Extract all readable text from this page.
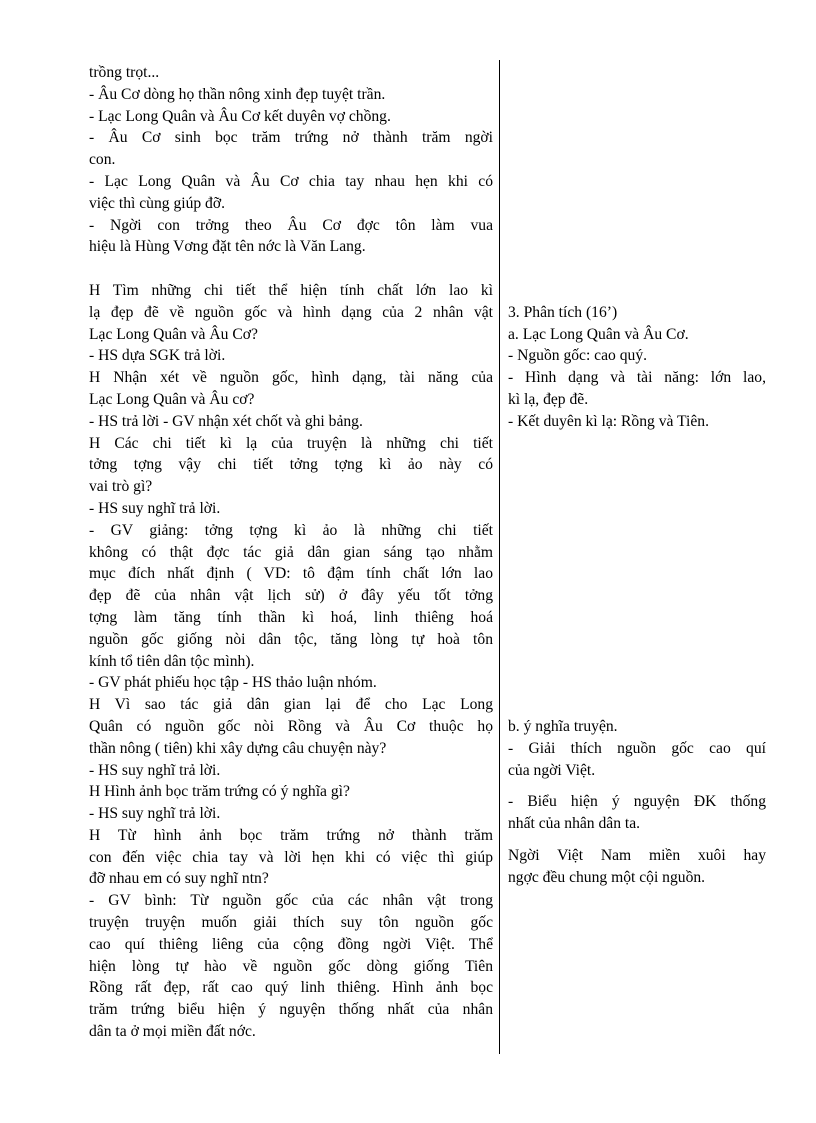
trồng trọt...
- Âu Cơ dòng họ thần nông xinh đẹp tuyệt trần.
- Lạc Long Quân và Âu Cơ kết duyên vợ chồng.
- Âu Cơ sinh bọc trăm trứng nở thành trăm ngời
con.
- Lạc Long Quân và Âu Cơ chia tay nhau hẹn khi có
việc thì cùng giúp đỡ.
- Ngời con trởng theo Âu Cơ đợc tôn làm vua
hiệu là Hùng Vơng đặt tên nớc là Văn Lang.
H Tìm những chi tiết thể hiện tính chất lớn lao kì
lạ đẹp đẽ về nguồn gốc và hình dạng của 2 nhân vật
Lạc Long Quân và Âu Cơ?
- HS dựa SGK trả lời.
H Nhận xét về nguồn gốc, hình dạng, tài năng của
Lạc Long Quân và Âu cơ?
- HS trả lời - GV nhận xét chốt và ghi bảng.
H Các chi tiết kì lạ của truyện là những chi tiết
tởng tợng vậy chi tiết tởng tợng kì ảo này có
vai trò gì?
- HS suy nghĩ trả lời.
- GV giảng: tởng tợng kì ảo là những chi tiết
không có thật đợc tác giả dân gian sáng tạo nhằm
mục đích nhất định ( VD: tô đậm tính chất lớn lao
đẹp đẽ của nhân vật lịch sử) ở đây yếu tốt tởng
tợng làm tăng tính thần kì hoá, linh thiêng hoá
nguồn gốc giống nòi dân tộc, tăng lòng tự hoà tôn
kính tổ tiên dân tộc mình).
- GV phát phiếu học tập - HS thảo luận nhóm.
H Vì sao tác giả dân gian lại để cho Lạc Long
Quân có nguồn gốc nòi Rồng và Âu Cơ thuộc họ
thần nông ( tiên) khi xây dựng câu chuyện này?
- HS suy nghĩ trả lời.
H Hình ảnh bọc trăm trứng có ý nghĩa gì?
- HS suy nghĩ trả lời.
H Từ hình ảnh bọc trăm trứng nở thành trăm
con đến việc chia tay và lời hẹn khi có việc thì giúp
đỡ nhau em có suy nghĩ ntn?
- GV bình: Từ nguồn gốc của các nhân vật trong
truyện truyện muốn giải thích suy tôn nguồn gốc
cao quí thiêng liêng của cộng đồng ngời Việt. Thể
hiện lòng tự hào về nguồn gốc dòng giống Tiên
Rồng rất đẹp, rất cao quý linh thiêng. Hình ảnh bọc
trăm trứng biểu hiện ý nguyện thống nhất của nhân
dân ta ở mọi miền đất nớc.
3. Phân tích (16’)
a. Lạc Long Quân và Âu Cơ.
- Nguồn gốc: cao quý.
- Hình dạng và tài năng: lớn lao,
kì lạ, đẹp đẽ.
- Kết duyên kì lạ: Rồng và Tiên.
b. ý nghĩa truyện.
- Giải thích nguồn gốc cao quí
của ngời Việt.
- Biểu hiện ý nguyện ĐK thống
nhất của nhân dân ta.
Ngời Việt Nam miền xuôi hay
ngợc đều chung một cội nguồn.
